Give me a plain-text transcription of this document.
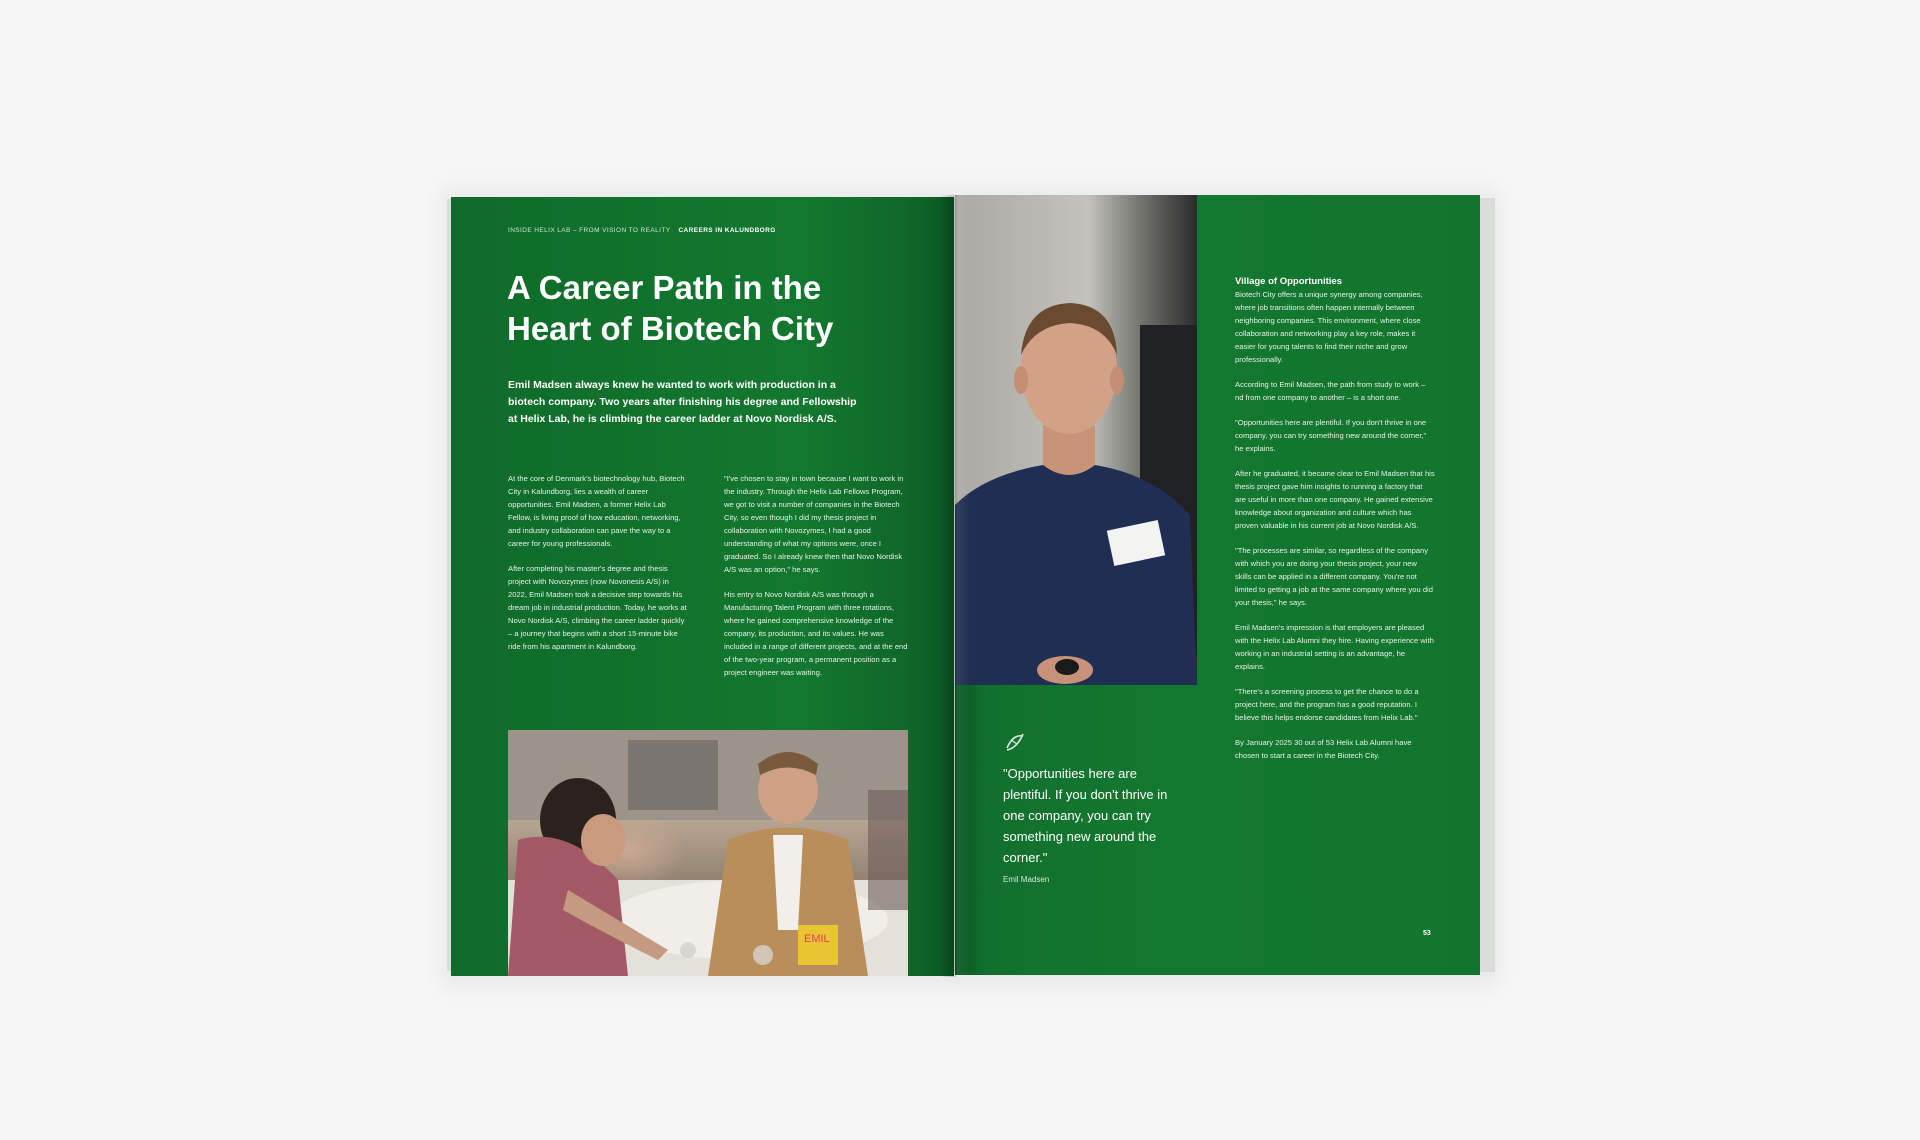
INSIDE HELIX LAB – FROM VISION TO REALITY CAREERS IN KALUNDBORG
A Career Path in the Heart of Biotech City

Emil Madsen always knew he wanted to work with production in a biotech company. Two years after finishing his degree and Fellowship at Helix Lab, he is climbing the career ladder at Novo Nordisk A/S.

At the core of Denmark's biotechnology hub, Biotech City in Kalundborg, lies a wealth of career opportunities. Emil Madsen, a former Helix Lab Fellow, is living proof of how education, networking, and industry collaboration can pave the way to a career for young professionals.

After completing his master's degree and thesis project with Novozymes (now Novonesis A/S) in 2022, Emil Madsen took a decisive step towards his dream job in industrial production. Today, he works at Novo Nordisk A/S, climbing the career ladder quickly – a journey that begins with a short 15-minute bike ride from his apartment in Kalundborg.

"I've chosen to stay in town because I want to work in the industry. Through the Helix Lab Fellows Program, we got to visit a number of companies in the Biotech City, so even though I did my thesis project in collaboration with Novozymes, I had a good understanding of what my options were, once I graduated. So I already knew then that Novo Nordisk A/S was an option," he says.

His entry to Novo Nordisk A/S was through a Manufacturing Talent Program with three rotations, where he gained comprehensive knowledge of the company, its production, and its values. He was included in a range of different projects, and at the end of the two-year program, a permanent position as a project engineer was waiting.

EMIL

"Opportunities here are plentiful. If you don't thrive in one company, you can try something new around the corner."

Emil Madsen
Village of Opportunities

Biotech City offers a unique synergy among companies, where job transitions often happen internally between neighboring companies. This environment, where close collaboration and networking play a key role, makes it easier for young talents to find their niche and grow professionally.

According to Emil Madsen, the path from study to work – nd from one company to another – is a short one.

"Opportunities here are plentiful. If you don't thrive in one company, you can try something new around the corner," he explains.

After he graduated, it became clear to Emil Madsen that his thesis project gave him insights to running a factory that are useful in more than one company. He gained extensive knowledge about organization and culture which has proven valuable in his current job at Novo Nordisk A/S.

"The processes are similar, so regardless of the company with which you are doing your thesis project, your new skills can be applied in a different company. You're not limited to getting a job at the same company where you did your thesis," he says.

Emil Madsen's impression is that employers are pleased with the Helix Lab Alumni they hire. Having experience with working in an industrial setting is an advantage, he explains.

"There's a screening process to get the chance to do a project here, and the program has a good reputation. I believe this helps endorse candidates from Helix Lab."

By January 2025 30 out of 53 Helix Lab Alumni have chosen to start a career in the Biotech City.

53
